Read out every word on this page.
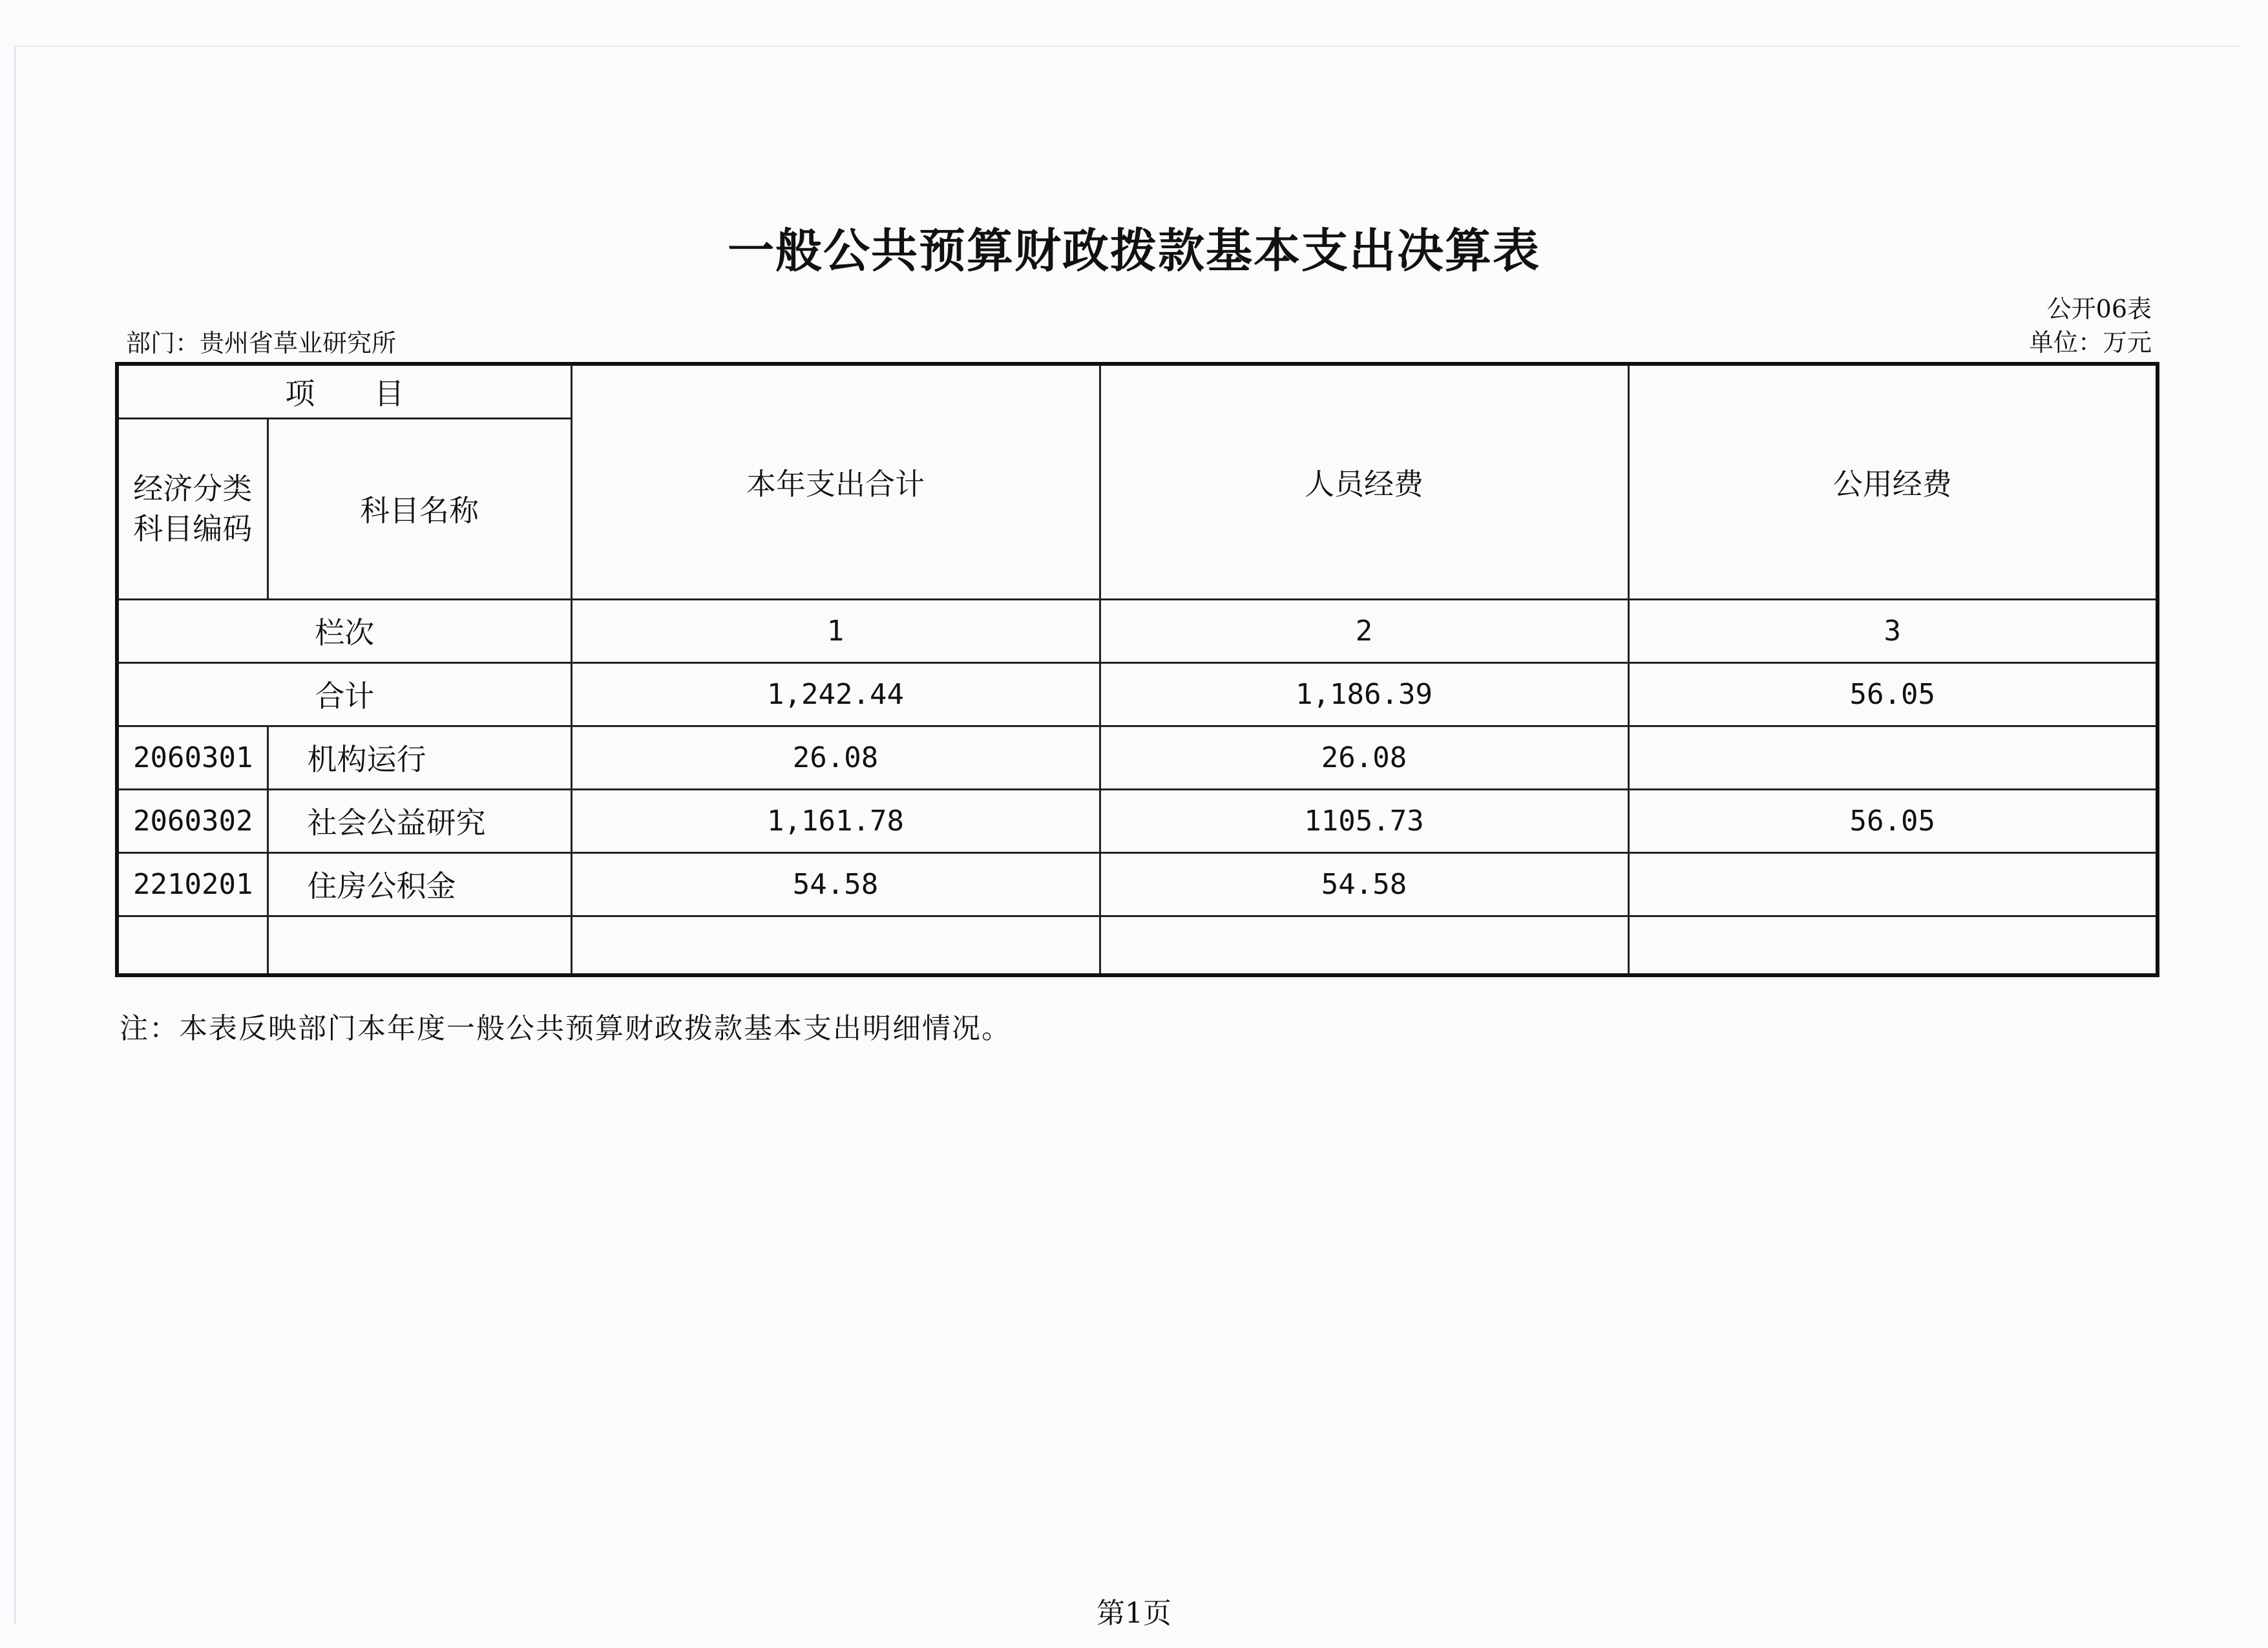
一般公共预算财政拨款基本支出决算表
公开06表
单位：万元
部门：贵州省草业研究所
项　　目		本年支出合计	人员经费	公用经费

经济分类
科目编码	科目名称			
栏次		1	2	3
合计		1,242.44	1,186.39	56.05
2060301	机构运行	26.08	26.08	
2060302	社会公益研究	1,161.78	1105.73	56.05
2210201	住房公积金	54.58	54.58	

注：本表反映部门本年度一般公共预算财政拨款基本支出明细情况。
第1页
